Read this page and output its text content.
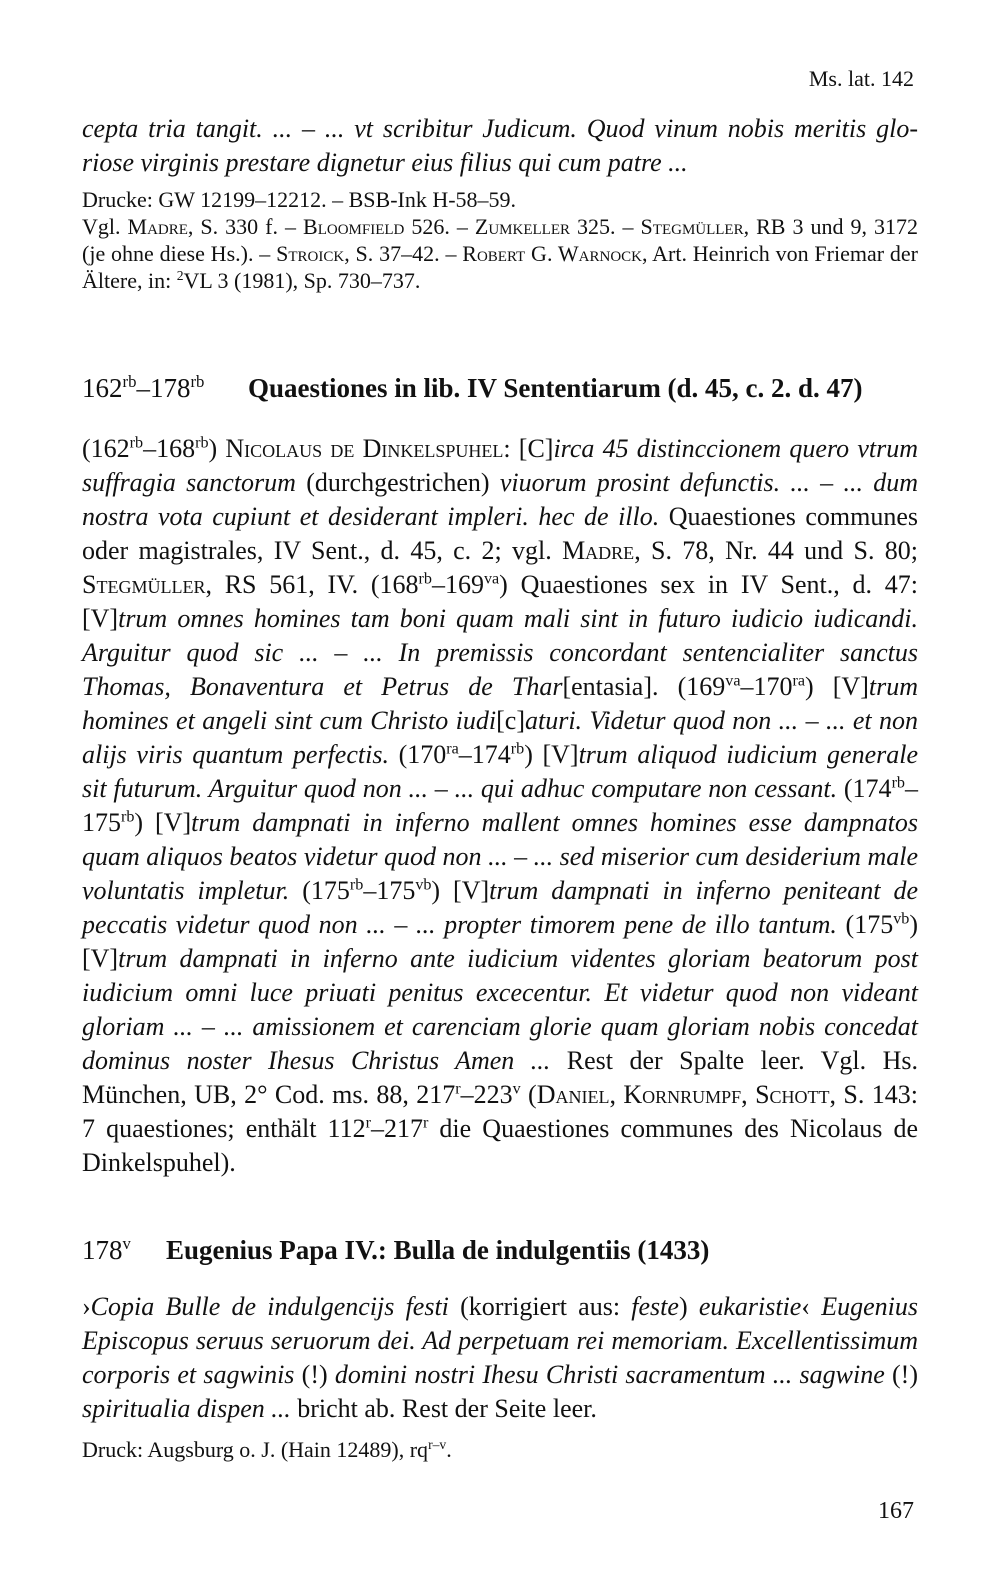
Ms. lat. 142

cepta tria tangit. ... – ... vt scribitur Judicum. Quod vinum nobis meritis glo-riose virginis prestare dignetur eius filius qui cum patre ...

Drucke: GW 12199–12212. – BSB-Ink H-58–59.

Vgl. Madre, S. 330 f. – Bloomfield 526. – Zumkeller 325. – Stegmüller, RB 3 und 9, 3172 (je ohne diese Hs.). – Stroick, S. 37–42. – Robert G. Warnock, Art. Heinrich von Friemar der Ältere, in: $^2$VL 3 (1981), Sp. 730–737.

$162^{rb}-178^{rb}$ Quaestiones in lib. IV Sententiarum (d. 45, c. 2. d. 47)

$(162^{rb}-168^{rb})$ Nicolaus de Dinkelspuhel: [C]irca 45 distinccionem quero vtrum suffragia sanctorum (durchgestrichen) viuorum prosint defunctis. ... – ... dum nostra vota cupiunt et desiderant impleri. hec de illo. Quaestiones communes oder magistrales, IV Sent., d. 45, c. 2; vgl. Madre, S. 78, Nr. 44 und S. 80; Stegmüller, RS 561, IV. $(168^{rb}-169^{va})$ Quaestiones sex in IV Sent., d. 47: [V]trum omnes homines tam boni quam mali sint in futuro iudicio iudicandi. Arguitur quod sic ... – ... In premissis concordant sentencialiter sanctus Thomas, Bonaventura et Petrus de Thar[entasia]. $(169^{va}-170^{ra})$ [V]trum homines et angeli sint cum Christo iudi[c]aturi. Videtur quod non ... – ... et non alijs viris quantum perfectis. $(170^{ra}-174^{rb})$ [V]trum aliquod iudicium generale sit futurum. Arguitur quod non ... – ... qui adhuc computare non cessant. $(174^{rb}-175^{rb})$ [V]trum dampnati in inferno mallent omnes homines esse dampnatos quam aliquos beatos videtur quod non ... – ... sed miserior cum desiderium male voluntatis impletur. $(175^{rb}-175^{vb})$ [V]trum dampnati in inferno peniteant de peccatis videtur quod non ... – ... propter timorem pene de illo tantum. $(175^{vb})$ [V]trum dampnati in inferno ante iudicium videntes gloriam beatorum post iudicium omni luce priuati penitus excecentur. Et videtur quod non videant gloriam ... – ... amissionem et carenciam glorie quam gloriam nobis concedat dominus noster Ihesus Christus Amen ... Rest der Spalte leer. Vgl. Hs. München, UB, 2° Cod. ms. 88, 217$^r$–223$^v$ (Daniel, Kornrumpf, Schott, S. 143: 7 quaestiones; enthält 112$^r$–217$^r$ die Quaestiones communes des Nicolaus de Dinkelspuhel).

178$^v$ Eugenius Papa IV.: Bulla de indulgentiis (1433)

›Copia Bulle de indulgencijs festi (korrigiert aus: feste) eukaristie‹ Eugenius Episcopus seruus seruorum dei. Ad perpetuam rei memoriam. Excellentissimum corporis et sagwinis (!) domini nostri Ihesu Christi sacramentum ... sagwine (!) spiritualia dispen ... bricht ab. Rest der Seite leer.

Druck: Augsburg o. J. (Hain 12489), $rq^{r-v}$.

167
